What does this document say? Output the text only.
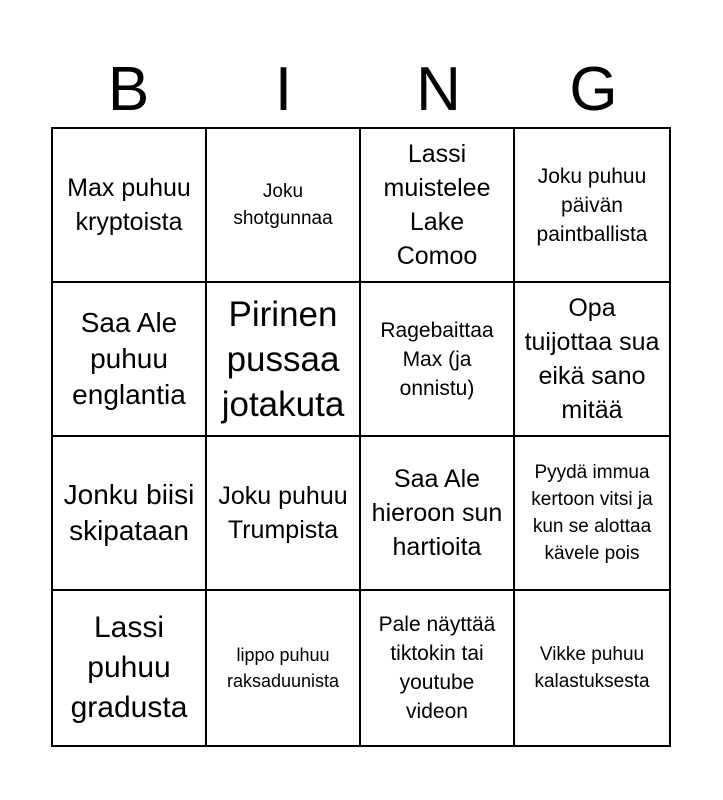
B	I	N	G
Max puhuu kryptoista
Joku shotgunnaa
Lassi muistelee Lake Comoo
Joku puhuu päivän paintballista
Saa Ale puhuu englantia
Pirinen pussaa jotakuta
Ragebaittaa Max (ja onnistu)
Opa tuijottaa sua eikä sano mitää
Jonku biisi skipataan
Joku puhuu Trumpista
Saa Ale hieroon sun hartioita
Pyydä immua kertoon vitsi ja kun se alottaa kävele pois
Lassi puhuu gradusta
lippo puhuu raksaduunista
Pale näyttää tiktokin tai youtube videon
Vikke puhuu kalastuksesta
